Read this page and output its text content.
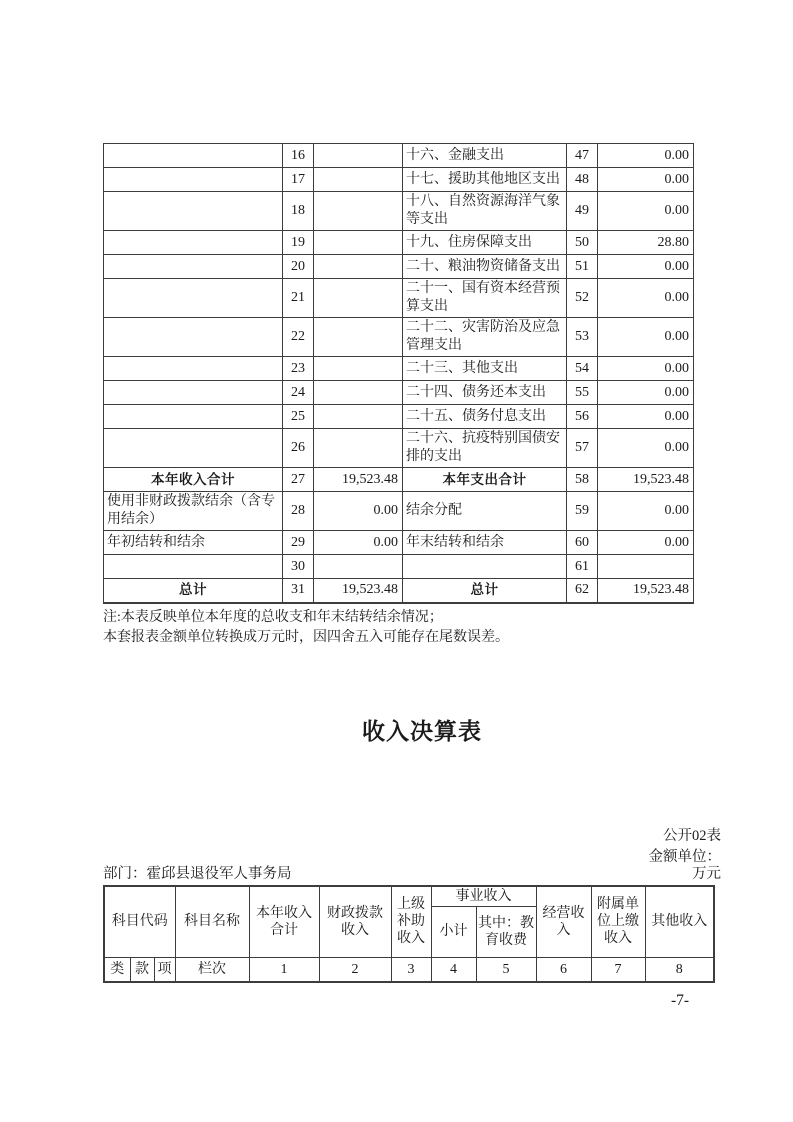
	16		十六、金融支出	47	0.00
	17		十七、援助其他地区支出	48	0.00
	18		十八、自然资源海洋气象等支出	49	0.00
	19		十九、住房保障支出	50	28.80
	20		二十、粮油物资储备支出	51	0.00
	21		二十一、国有资本经营预算支出	52	0.00
	22		二十二、灾害防治及应急管理支出	53	0.00
	23		二十三、其他支出	54	0.00
	24		二十四、债务还本支出	55	0.00
	25		二十五、债务付息支出	56	0.00
	26		二十六、抗疫特别国债安排的支出	57	0.00
本年收入合计	27	19,523.48	本年支出合计	58	19,523.48
使用非财政拨款结余（含专用结余）	28	0.00	结余分配	59	0.00
年初结转和结余	29	0.00	年末结转和结余	60	0.00
	30			61	
总计	31	19,523.48	总计	62	19,523.48
注:本表反映单位本年度的总收支和年末结转结余情况；
本套报表金额单位转换成万元时，因四舍五入可能存在尾数误差。
收入决算表
公开02表
金额单位：
部门：霍邱县退役军人事务局	万元
科目代码			科目名称	本年收入合计	财政拨款收入	上级补助收入	事业收入		经营收入	附属单位上缴收入	其他收入
							小计	其中：教育收费			
类	款	项	栏次	1	2	3	4	5	6	7	8
-7-
